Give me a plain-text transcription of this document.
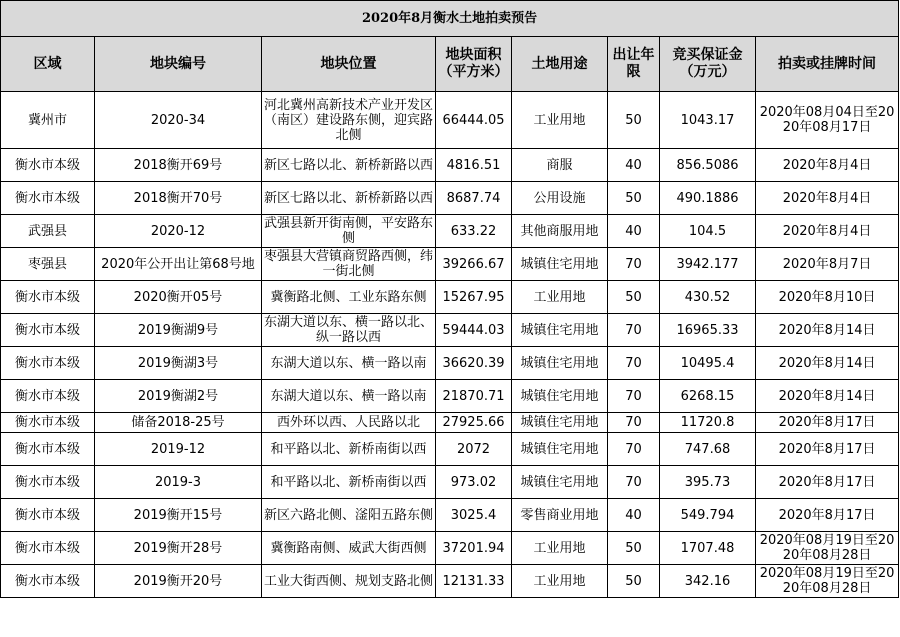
2020年8月衡水土地拍卖预告							
区域	地块编号	地块位置	地块面积（平方米）	土地用途	出让年限	竞买保证金（万元）	拍卖或挂牌时间
冀州市	2020-34	河北冀州高新技术产业开发区（南区）建设路东侧，迎宾路北侧	66444.05	工业用地	50	1043.17	2020年08月04日至2020年08月17日
衡水市本级	2018衡开69号	新区七路以北、新桥新路以西	4816.51	商服	40	856.5086	2020年8月4日
衡水市本级	2018衡开70号	新区七路以北、新桥新路以西	8687.74	公用设施	50	490.1886	2020年8月4日
武强县	2020-12	武强县新开街南侧，平安路东侧	633.22	其他商服用地	40	104.5	2020年8月4日
枣强县	2020年公开出让第68号地	枣强县大营镇商贸路西侧，纬一街北侧	39266.67	城镇住宅用地	70	3942.177	2020年8月7日
衡水市本级	2020衡开05号	冀衡路北侧、工业东路东侧	15267.95	工业用地	50	430.52	2020年8月10日
衡水市本级	2019衡湖9号	东湖大道以东、横一路以北、纵一路以西	59444.03	城镇住宅用地	70	16965.33	2020年8月14日
衡水市本级	2019衡湖3号	东湖大道以东、横一路以南	36620.39	城镇住宅用地	70	10495.4	2020年8月14日
衡水市本级	2019衡湖2号	东湖大道以东、横一路以南	21870.71	城镇住宅用地	70	6268.15	2020年8月14日
衡水市本级	储备2018-25号	西外环以西、人民路以北	27925.66	城镇住宅用地	70	11720.8	2020年8月17日
衡水市本级	2019-12	和平路以北、新桥南街以西	2072	城镇住宅用地	70	747.68	2020年8月17日
衡水市本级	2019-3	和平路以北、新桥南街以西	973.02	城镇住宅用地	70	395.73	2020年8月17日
衡水市本级	2019衡开15号	新区六路北侧、滏阳五路东侧	3025.4	零售商业用地	40	549.794	2020年8月17日
衡水市本级	2019衡开28号	冀衡路南侧、威武大街西侧	37201.94	工业用地	50	1707.48	2020年08月19日至2020年08月28日
衡水市本级	2019衡开20号	工业大街西侧、规划支路北侧	12131.33	工业用地	50	342.16	2020年08月19日至2020年08月28日
